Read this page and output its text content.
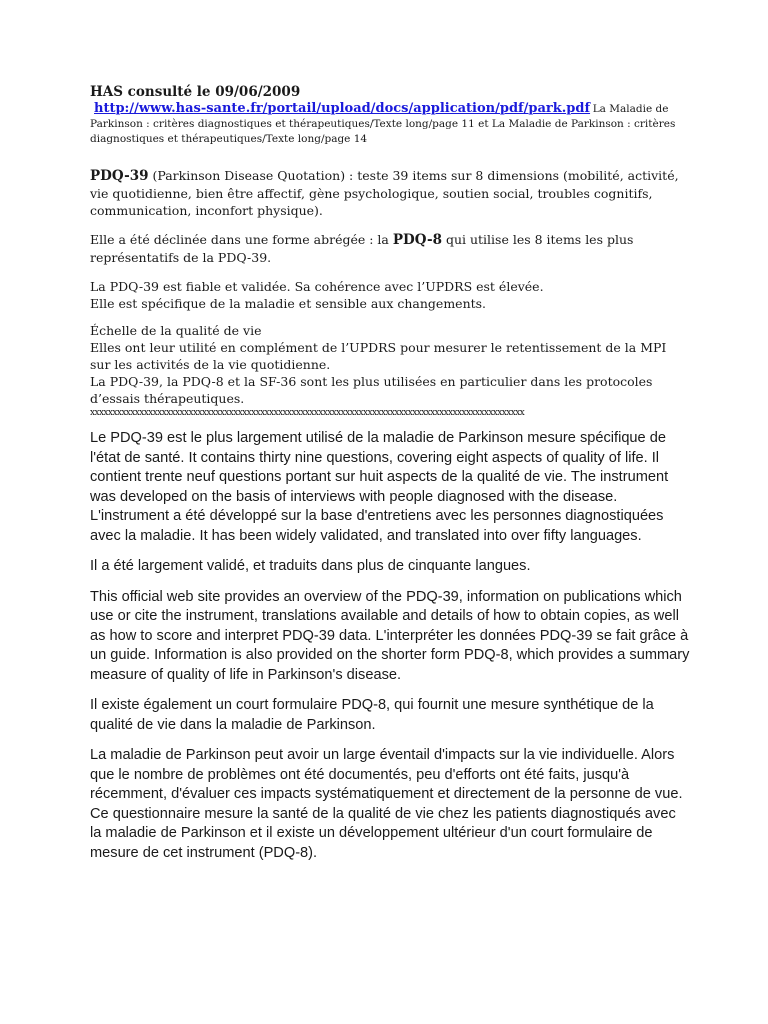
HAS consulté le 09/06/2009

http://www.has-sante.fr/portail/upload/docs/application/pdf/park.pdf La Maladie de Parkinson : critères diagnostiques et thérapeutiques/Texte long/page 11 et La Maladie de Parkinson : critères diagnostiques et thérapeutiques/Texte long/page 14

PDQ-39 (Parkinson Disease Quotation) : teste 39 items sur 8 dimensions (mobilité, activité, vie quotidienne, bien être affectif, gène psychologique, soutien social, troubles cognitifs, communication, inconfort physique).

Elle a été déclinée dans une forme abrégée : la PDQ-8 qui utilise les 8 items les plus représentatifs de la PDQ-39.

La PDQ-39 est fiable et validée. Sa cohérence avec l’UPDRS est élevée.

Elle est spécifique de la maladie et sensible aux changements.

Échelle de la qualité de vie

Elles ont leur utilité en complément de l’UPDRS pour mesurer le retentissement de la MPI sur les activités de la vie quotidienne.

La PDQ-39, la PDQ-8 et la SF-36 sont les plus utilisées en particulier dans les protocoles d’essais thérapeutiques.

xxxxxxxxxxxxxxxxxxxxxxxxxxxxxxxxxxxxxxxxxxxxxxxxxxxxxxxxxxxxxxxxxxxxxxxxxxxxxxxxxxxxxxxxxxxxxxxxx

Le PDQ-39 est le plus largement utilisé de la maladie de Parkinson mesure spécifique de l'état de santé. It contains thirty nine questions, covering eight aspects of quality of life. Il contient trente neuf questions portant sur huit aspects de la qualité de vie. The instrument was developed on the basis of interviews with people diagnosed with the disease. L'instrument a été développé sur la base d'entretiens avec les personnes diagnostiquées avec la maladie. It has been widely validated, and translated into over fifty languages.

Il a été largement validé, et traduits dans plus de cinquante langues.

This official web site provides an overview of the PDQ-39, information on publications which use or cite the instrument, translations available and details of how to obtain copies, as well as how to score and interpret PDQ-39 data. L'interpréter les données PDQ-39 se fait grâce à un guide. Information is also provided on the shorter form PDQ-8, which provides a summary measure of quality of life in Parkinson's disease.

Il existe également un court formulaire PDQ-8, qui fournit une mesure synthétique de la qualité de vie dans la maladie de Parkinson.

La maladie de Parkinson peut avoir un large éventail d'impacts sur la vie individuelle. Alors que le nombre de problèmes ont été documentés, peu d'efforts ont été faits, jusqu'à récemment, d'évaluer ces impacts systématiquement et directement de la personne de vue. Ce questionnaire mesure la santé de la qualité de vie chez les patients diagnostiqués avec la maladie de Parkinson et il existe un développement ultérieur d'un court formulaire de mesure de cet instrument (PDQ-8).
